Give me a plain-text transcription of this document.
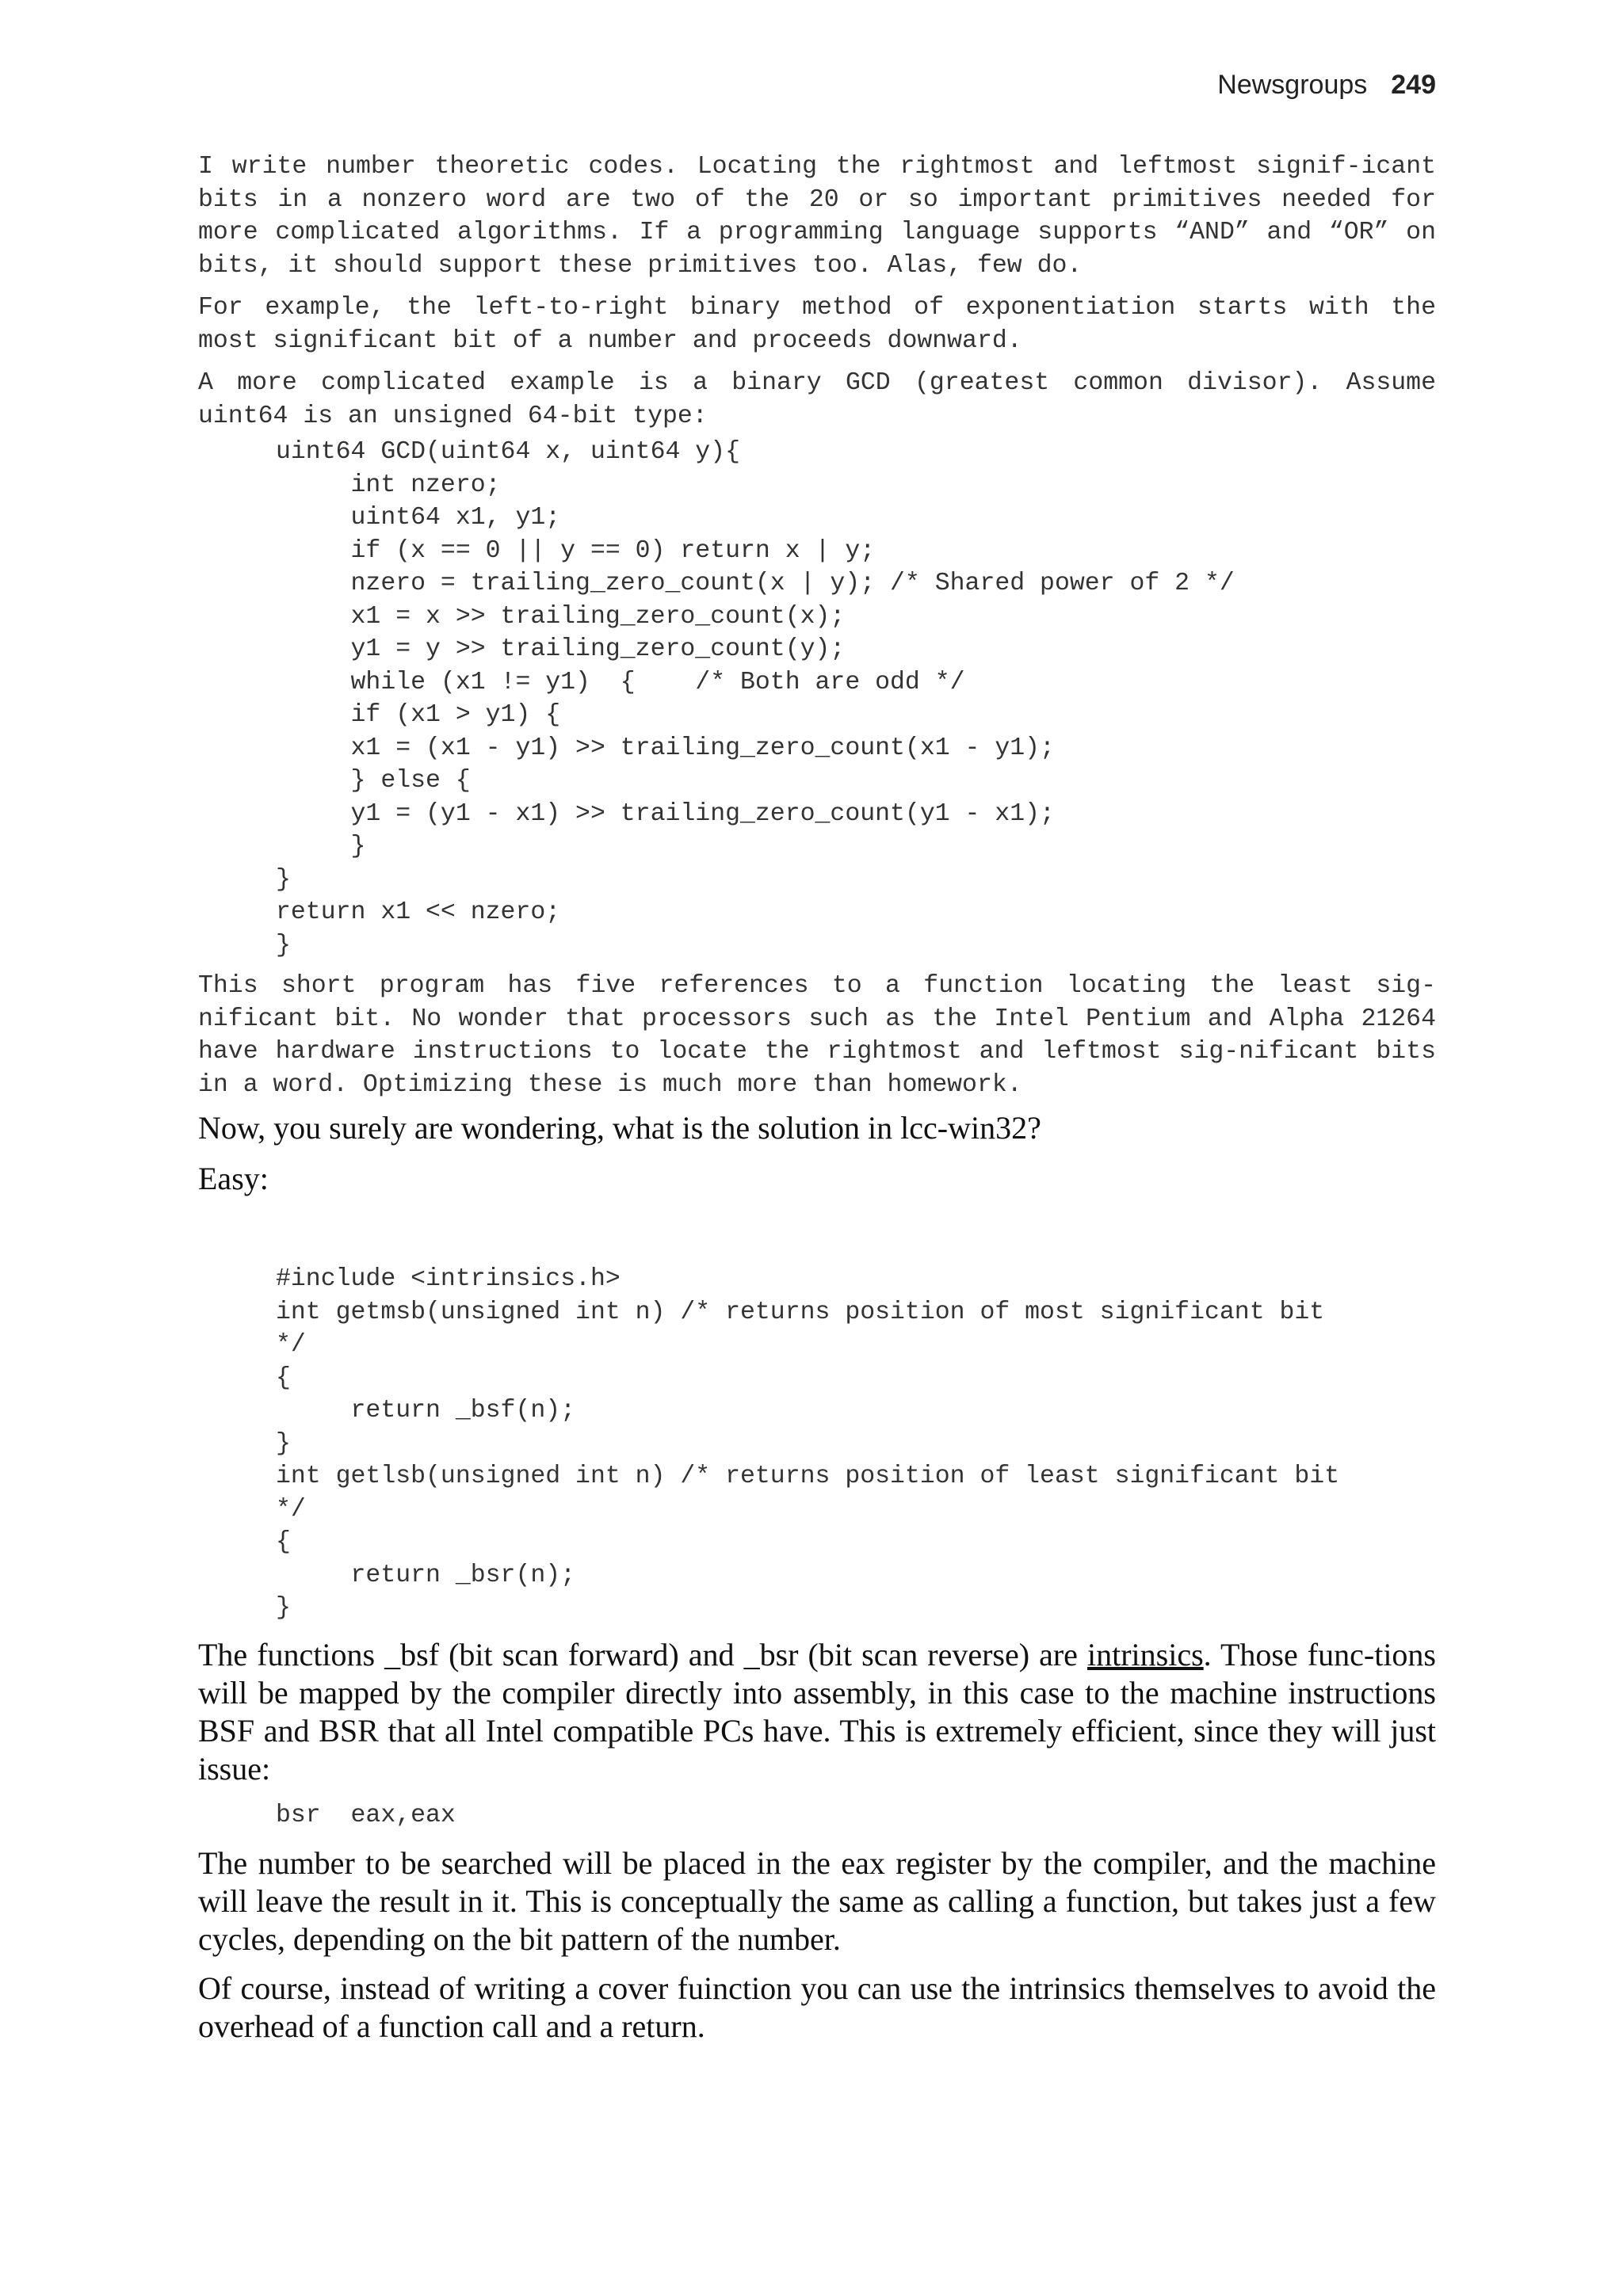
Newsgroups 249

I write number theoretic codes. Locating the rightmost and leftmost signif-icant bits in a nonzero word are two of the 20 or so important primitives needed for more complicated algorithms. If a programming language supports “AND” and “OR” on bits, it should support these primitives too. Alas, few do.

For example, the left-to-right binary method of exponentiation starts with the most significant bit of a number and proceeds downward.

A more complicated example is a binary GCD (greatest common divisor). Assume uint64 is an unsigned 64-bit type:

uint64 GCD(uint64 x, uint64 y){
int nzero;
uint64 x1, y1;
if (x == 0 || y == 0) return x | y;
nzero = trailing_zero_count(x | y); /* Shared power of 2 */
x1 = x >> trailing_zero_count(x);
y1 = y >> trailing_zero_count(y);
while (x1 != y1)  {    /* Both are odd */
if (x1 > y1) {
x1 = (x1 - y1) >> trailing_zero_count(x1 - y1);
} else {
y1 = (y1 - x1) >> trailing_zero_count(y1 - x1);
}
}
return x1 << nzero;
}

This short program has five references to a function locating the least sig-nificant bit. No wonder that processors such as the Intel Pentium and Alpha 21264 have hardware instructions to locate the rightmost and leftmost sig-nificant bits in a word. Optimizing these is much more than homework.

Now, you surely are wondering, what is the solution in lcc-win32?

Easy:

#include <intrinsics.h>
int getmsb(unsigned int n) /* returns position of most significant bit
*/
{
return _bsf(n);
}
int getlsb(unsigned int n) /* returns position of least significant bit
*/
{
return _bsr(n);
}

The functions _bsf (bit scan forward) and _bsr (bit scan reverse) are intrinsics. Those func-tions will be mapped by the compiler directly into assembly, in this case to the machine instructions BSF and BSR that all Intel compatible PCs have. This is extremely efficient, since they will just issue:

bsr  eax,eax

The number to be searched will be placed in the eax register by the compiler, and the machine will leave the result in it. This is conceptually the same as calling a function, but takes just a few cycles, depending on the bit pattern of the number.

Of course, instead of writing a cover fuinction you can use the intrinsics themselves to avoid the overhead of a function call and a return.
